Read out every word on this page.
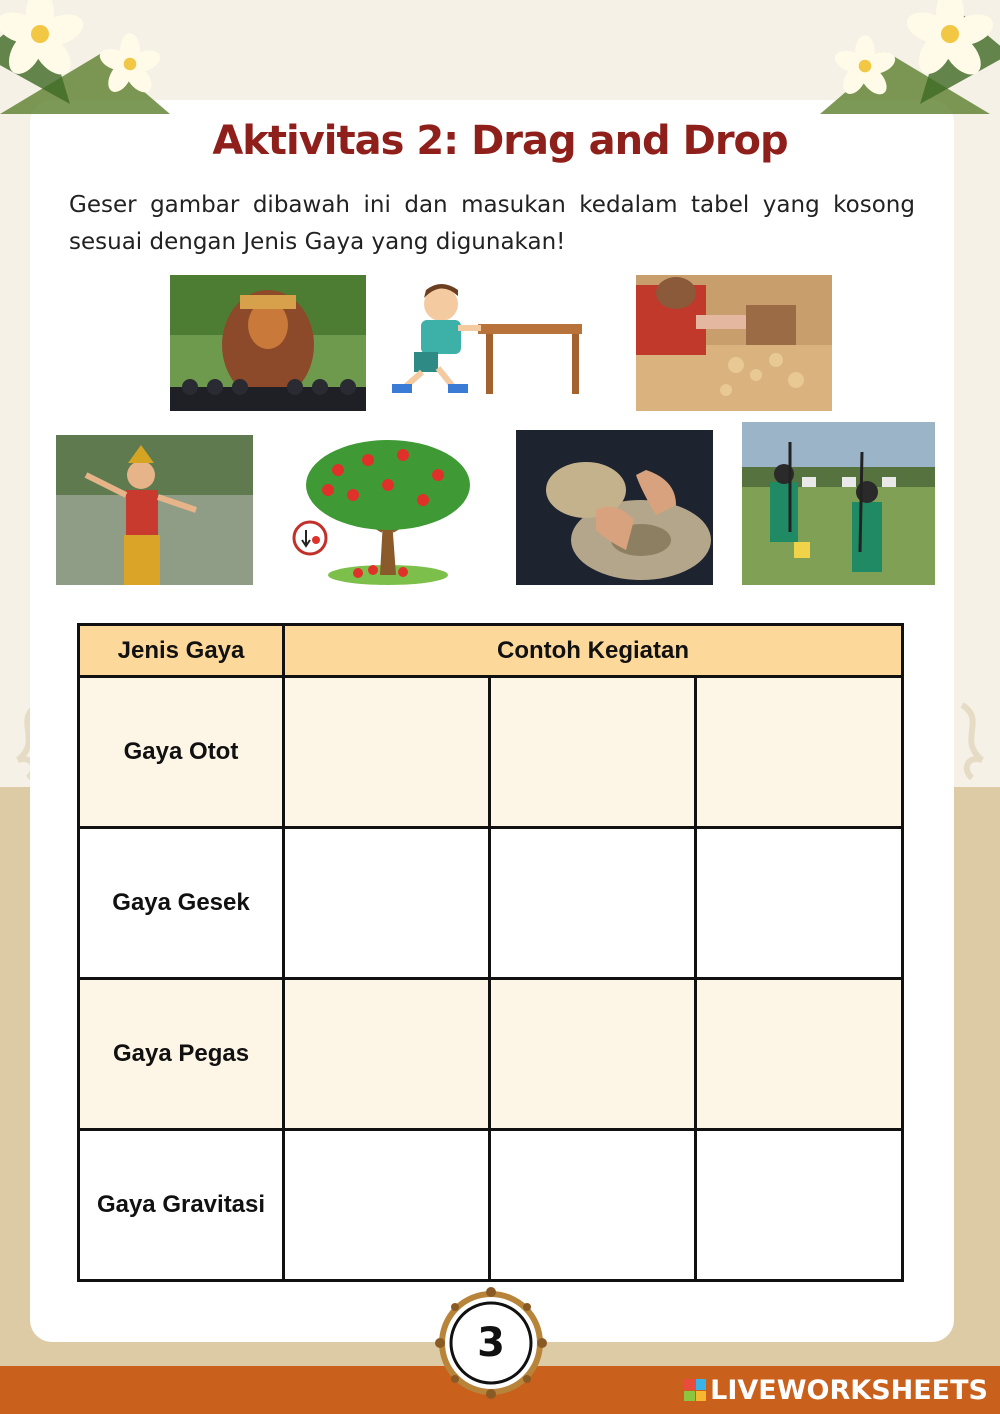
Aktivitas 2: Drag and Drop
Geser gambar dibawah ini dan masukan kedalam tabel yang kosong sesuai dengan Jenis Gaya yang digunakan!
Jenis Gaya	Contoh Kegiatan		
Gaya Otot			
Gaya Gesek			
Gaya Pegas			
Gaya Gravitasi			
3
LIVEWORKSHEETS
